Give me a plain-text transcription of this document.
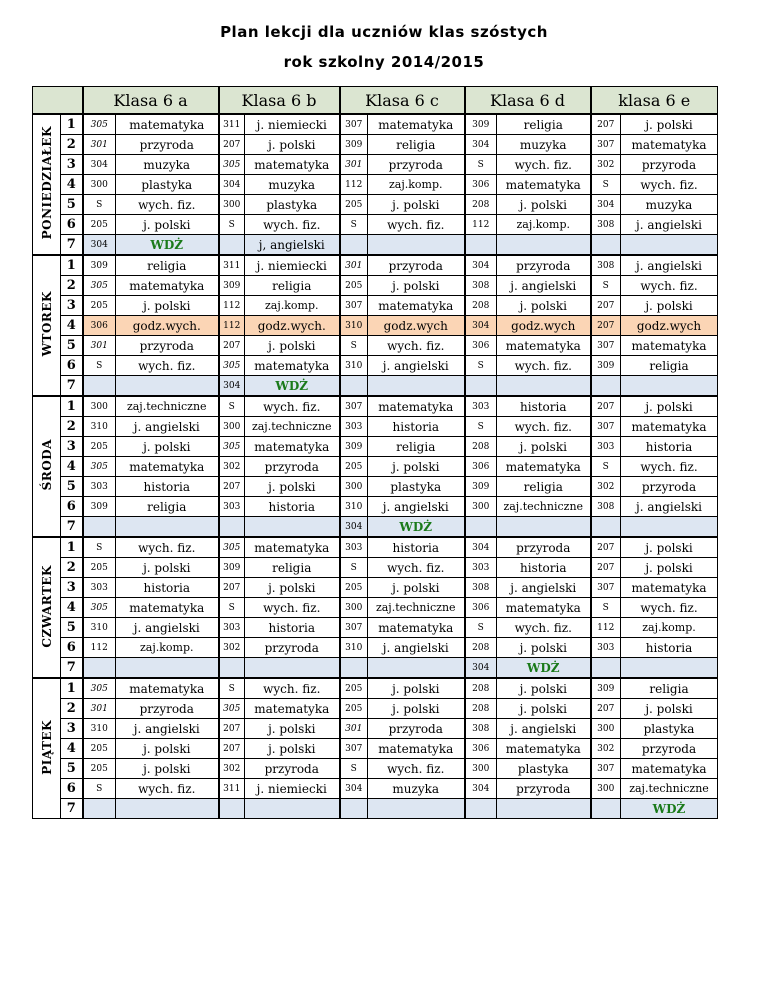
Plan lekcji dla uczniów klas szóstych
rok szkolny 2014/2015
		Klasa 6 a		Klasa 6 b		Klasa 6 c		Klasa 6 d		klasa 6 e	
PONIEDZIAŁEK	1	305	matematyka	311	j. niemiecki	307	matematyka	309	religia	207	j. polski
	2	301	przyroda	207	j. polski	309	religia	304	muzyka	307	matematyka
	3	304	muzyka	305	matematyka	301	przyroda	S	wych. fiz.	302	przyroda
	4	300	plastyka	304	muzyka	112	zaj.komp.	306	matematyka	S	wych. fiz.
	5	S	wych. fiz.	300	plastyka	205	j. polski	208	j. polski	304	muzyka
	6	205	j. polski	S	wych. fiz.	S	wych. fiz.	112	zaj.komp.	308	j. angielski
	7	304	WDŻ		j, angielski						
WTOREK	1	309	religia	311	j. niemiecki	301	przyroda	304	przyroda	308	j. angielski
	2	305	matematyka	309	religia	205	j. polski	308	j. angielski	S	wych. fiz.
	3	205	j. polski	112	zaj.komp.	307	matematyka	208	j. polski	207	j. polski
	4	306	godz.wych.	112	godz.wych.	310	godz.wych	304	godz.wych	207	godz.wych
	5	301	przyroda	207	j. polski	S	wych. fiz.	306	matematyka	307	matematyka
	6	S	wych. fiz.	305	matematyka	310	j. angielski	S	wych. fiz.	309	religia
	7			304	WDŻ						
ŚRODA	1	300	zaj.techniczne	S	wych. fiz.	307	matematyka	303	historia	207	j. polski
	2	310	j. angielski	300	zaj.techniczne	303	historia	S	wych. fiz.	307	matematyka
	3	205	j. polski	305	matematyka	309	religia	208	j. polski	303	historia
	4	305	matematyka	302	przyroda	205	j. polski	306	matematyka	S	wych. fiz.
	5	303	historia	207	j. polski	300	plastyka	309	religia	302	przyroda
	6	309	religia	303	historia	310	j. angielski	300	zaj.techniczne	308	j. angielski
	7					304	WDŻ				
CZWARTEK	1	S	wych. fiz.	305	matematyka	303	historia	304	przyroda	207	j. polski
	2	205	j. polski	309	religia	S	wych. fiz.	303	historia	207	j. polski
	3	303	historia	207	j. polski	205	j. polski	308	j. angielski	307	matematyka
	4	305	matematyka	S	wych. fiz.	300	zaj.techniczne	306	matematyka	S	wych. fiz.
	5	310	j. angielski	303	historia	307	matematyka	S	wych. fiz.	112	zaj.komp.
	6	112	zaj.komp.	302	przyroda	310	j. angielski	208	j. polski	303	historia
	7							304	WDŻ		
PIĄTEK	1	305	matematyka	S	wych. fiz.	205	j. polski	208	j. polski	309	religia
	2	301	przyroda	305	matematyka	205	j. polski	208	j. polski	207	j. polski
	3	310	j. angielski	207	j. polski	301	przyroda	308	j. angielski	300	plastyka
	4	205	j. polski	207	j. polski	307	matematyka	306	matematyka	302	przyroda
	5	205	j. polski	302	przyroda	S	wych. fiz.	300	plastyka	307	matematyka
	6	S	wych. fiz.	311	j. niemiecki	304	muzyka	304	przyroda	300	zaj.techniczne
	7										WDŻ
